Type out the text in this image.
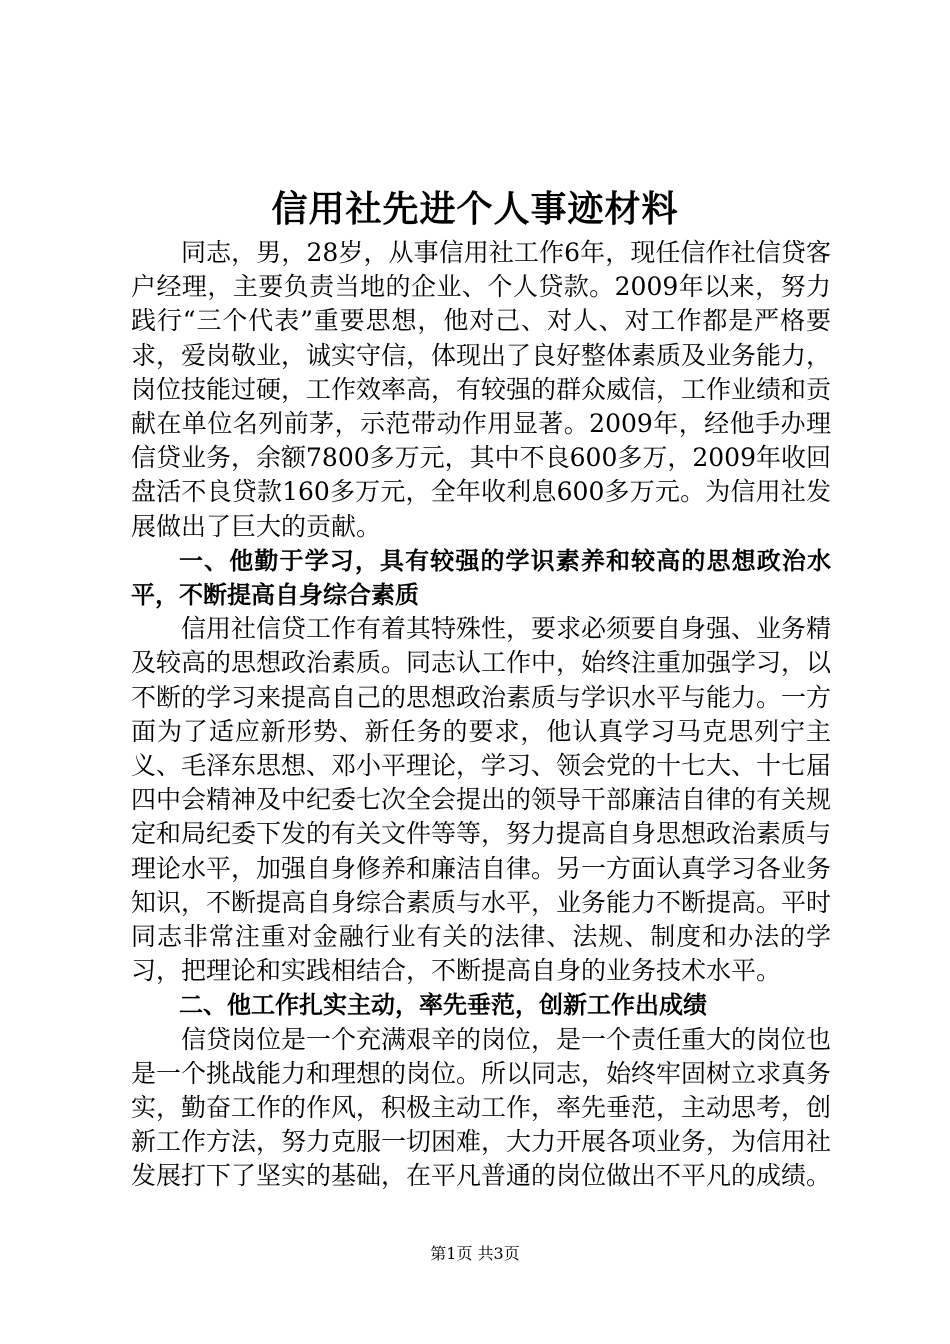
信用社先进个人事迹材料

同志，男，28岁，从事信用社工作6年，现任信作社信贷客户经理，主要负责当地的企业、个人贷款。2009年以来，努力践行“三个代表”重要思想，他对己、对人、对工作都是严格要求，爱岗敬业，诚实守信，体现出了良好整体素质及业务能力，岗位技能过硬，工作效率高，有较强的群众威信，工作业绩和贡献在单位名列前茅，示范带动作用显著。2009年，经他手办理信贷业务，余额7800多万元，其中不良600多万，2009年收回盘活不良贷款160多万元，全年收利息600多万元。为信用社发展做出了巨大的贡献。

一、他勤于学习，具有较强的学识素养和较高的思想政治水平，不断提高自身综合素质

信用社信贷工作有着其特殊性，要求必须要自身强、业务精及较高的思想政治素质。同志认工作中，始终注重加强学习，以不断的学习来提高自己的思想政治素质与学识水平与能力。一方面为了适应新形势、新任务的要求，他认真学习马克思列宁主义、毛泽东思想、邓小平理论，学习、领会党的十七大、十七届四中会精神及中纪委七次全会提出的领导干部廉洁自律的有关规定和局纪委下发的有关文件等等，努力提高自身思想政治素质与理论水平，加强自身修养和廉洁自律。另一方面认真学习各业务知识，不断提高自身综合素质与水平，业务能力不断提高。平时同志非常注重对金融行业有关的法律、法规、制度和办法的学习，把理论和实践相结合，不断提高自身的业务技术水平。

二、他工作扎实主动，率先垂范，创新工作出成绩

信贷岗位是一个充满艰辛的岗位，是一个责任重大的岗位也是一个挑战能力和理想的岗位。所以同志，始终牢固树立求真务实，勤奋工作的作风，积极主动工作，率先垂范，主动思考，创新工作方法，努力克服一切困难，大力开展各项业务，为信用社发展打下了坚实的基础，在平凡普通的岗位做出不平凡的成绩。

第1页 共3页
